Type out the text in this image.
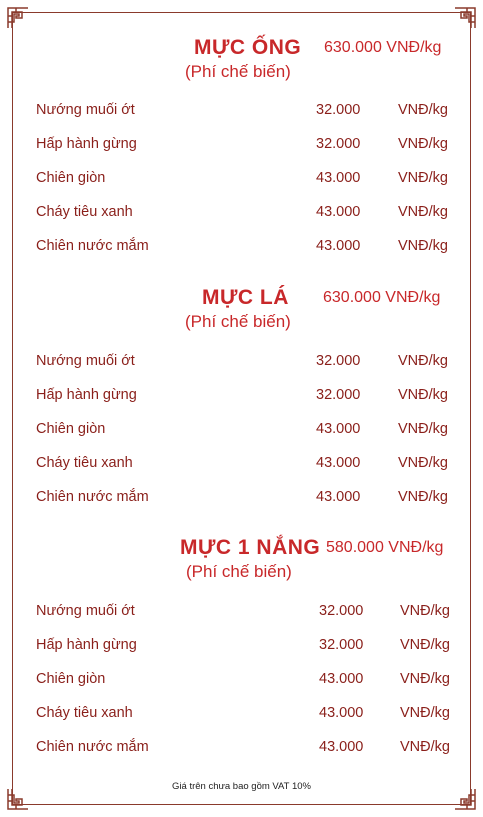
MỰC ỐNG 630.000 VNĐ/kg
(Phí chế biến)
Nướng muối ớt	32.000	VNĐ/kg
Hấp hành gừng	32.000	VNĐ/kg
Chiên giòn	43.000	VNĐ/kg
Cháy tiêu xanh	43.000	VNĐ/kg
Chiên nước mắm	43.000	VNĐ/kg
MỰC LÁ 630.000 VNĐ/kg
(Phí chế biến)
Nướng muối ớt	32.000	VNĐ/kg
Hấp hành gừng	32.000	VNĐ/kg
Chiên giòn	43.000	VNĐ/kg
Cháy tiêu xanh	43.000	VNĐ/kg
Chiên nước mắm	43.000	VNĐ/kg
MỰC 1 NẮNG 580.000 VNĐ/kg
(Phí chế biến)
Nướng muối ớt	32.000	VNĐ/kg
Hấp hành gừng	32.000	VNĐ/kg
Chiên giòn	43.000	VNĐ/kg
Cháy tiêu xanh	43.000	VNĐ/kg
Chiên nước mắm	43.000	VNĐ/kg
Giá trên chưa bao gồm VAT 10%
